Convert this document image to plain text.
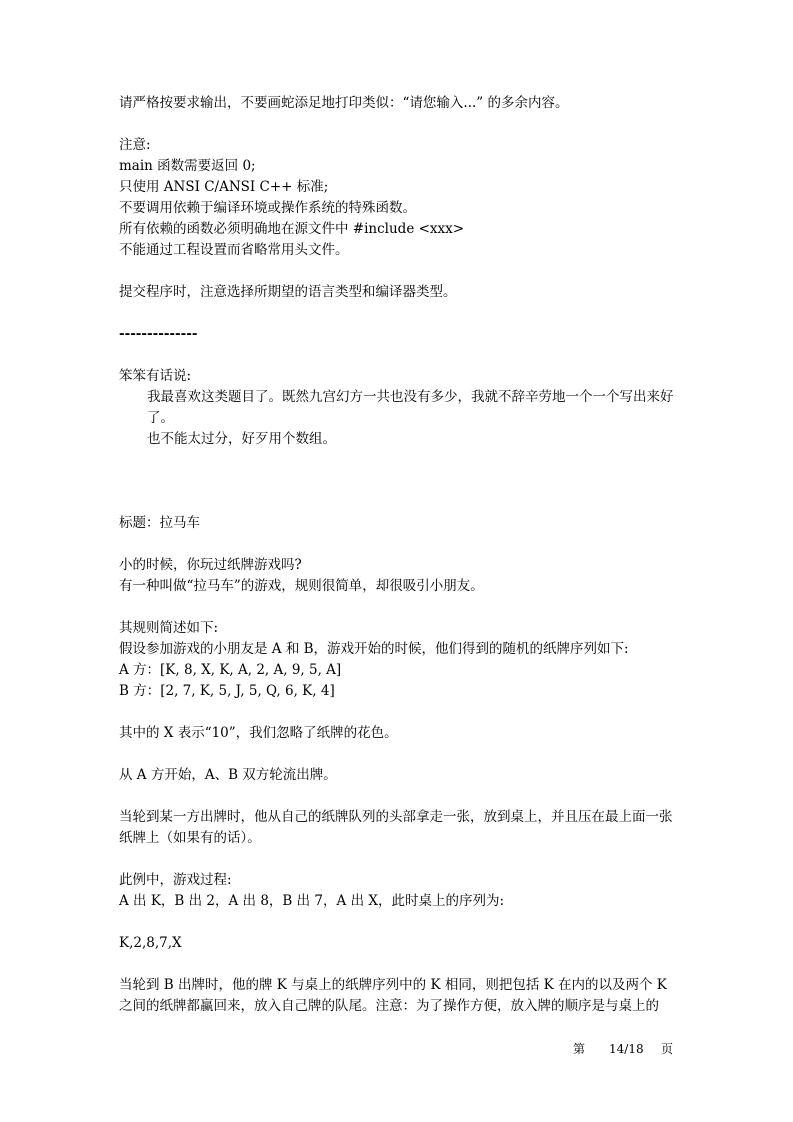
请严格按要求输出，不要画蛇添足地打印类似：“请您输入...” 的多余内容。
注意:
main 函数需要返回 0;
只使用 ANSI C/ANSI C++ 标准;
不要调用依赖于编译环境或操作系统的特殊函数。
所有依赖的函数必须明确地在源文件中 #include <xxx>
不能通过工程设置而省略常用头文件。
提交程序时，注意选择所期望的语言类型和编译器类型。
--------------
笨笨有话说:
我最喜欢这类题目了。既然九宫幻方一共也没有多少，我就不辞辛劳地一个一个写出来好了。
也不能太过分，好歹用个数组。
标题：拉马车
小的时候，你玩过纸牌游戏吗?
有一种叫做“拉马车”的游戏，规则很简单，却很吸引小朋友。
其规则简述如下:
假设参加游戏的小朋友是 A 和 B，游戏开始的时候，他们得到的随机的纸牌序列如下:
A 方：[K, 8, X, K, A, 2, A, 9, 5, A]
B 方：[2, 7, K, 5, J, 5, Q, 6, K, 4]
其中的 X 表示“10”，我们忽略了纸牌的花色。
从 A 方开始，A、B 双方轮流出牌。
当轮到某一方出牌时，他从自己的纸牌队列的头部拿走一张，放到桌上，并且压在最上面一张纸牌上（如果有的话）。
此例中，游戏过程:
A 出 K，B 出 2，A 出 8，B 出 7，A 出 X，此时桌上的序列为:
K,2,8,7,X
当轮到 B 出牌时，他的牌 K 与桌上的纸牌序列中的 K 相同，则把包括 K 在内的以及两个 K 之间的纸牌都赢回来，放入自己牌的队尾。注意：为了操作方便，放入牌的顺序是与桌上的
第 14/18 页
